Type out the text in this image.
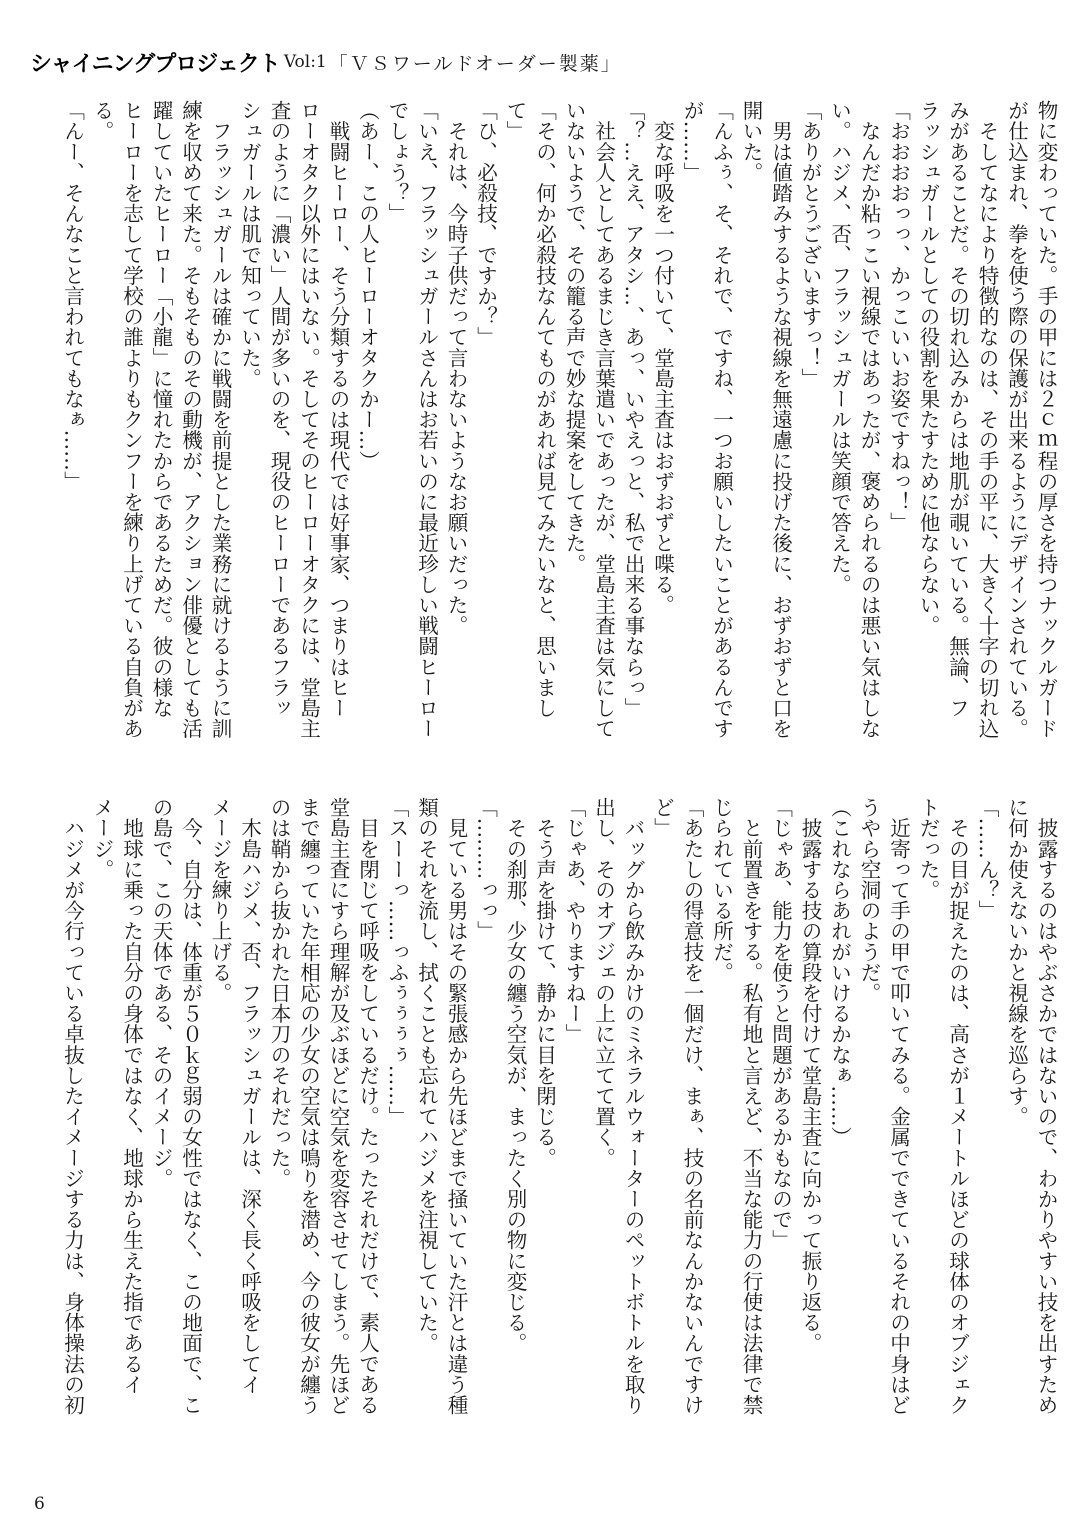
シャイニングプロジェクト Vol:1 「ＶＳワールドオーダー製薬」
物に変わっていた。手の甲には２ｃｍ程の厚さを持つナックルガード
が仕込まれ、拳を使う際の保護が出来るようにデザインされている。
　そしてなにより特徴的なのは、その手の平に、大きく十字の切れ込
みがあることだ。その切れ込みからは地肌が覗いている。無論、フ
ラッシュガールとしての役割を果たすために他ならない。
「おおおおっっ、かっこいいお姿ですねっ！」
　なんだか粘っこい視線ではあったが、褒められるのは悪い気はしな
い。ハジメ、否、フラッシュガールは笑顔で答えた。
「ありがとうございますっ！」
　男は値踏みするような視線を無遠慮に投げた後に、おずおずと口を
開いた。
「んふぅ、そ、それで、ですね、一つお願いしたいことがあるんです
が……」
　変な呼吸を一つ付いて、堂島主査はおずおずと喋る。
「？…ええ、アタシ…、あっ、いやえっと、私で出来る事ならっ」
　社会人としてあるまじき言葉遣いであったが、堂島主査は気にして
いないようで、その籠る声で妙な提案をしてきた。
「その、何か必殺技なんてものがあれば見てみたいなと、思いまし
て」
「ひ、必殺技、ですか？」
　それは、今時子供だって言わないようなお願いだった。
「いえ、フラッシュガールさんはお若いのに最近珍しい戦闘ヒーロー
でしょう？」
（あー、この人ヒーローオタクかー…）
　戦闘ヒーロー、そう分類するのは現代では好事家、つまりはヒー
ローオタク以外にはいない。そしてそのヒーローオタクには、堂島主
査のように「濃い」人間が多いのを、現役のヒーローであるフラッ
シュガールは肌で知っていた。
　フラッシュガールは確かに戦闘を前提とした業務に就けるように訓
練を収めて来た。そもそものその動機が、アクション俳優としても活
躍していたヒーロー「小龍」に憧れたからであるためだ。彼の様な
ヒーローを志して学校の誰よりもクンフーを練り上げている自負があ
る。
「んー、そんなこと言われてもなぁ……」
　披露するのはやぶさかではないので、わかりやすい技を出すため
に何か使えないかと視線を巡らす。
「……ん？」
　その目が捉えたのは、高さが１メートルほどの球体のオブジェク
トだった。
　近寄って手の甲で叩いてみる。金属でできているそれの中身はど
うやら空洞のようだ。
（これならあれがいけるかなぁ……）
　披露する技の算段を付けて堂島主査に向かって振り返る。
「じゃあ、能力を使うと問題があるかもなので」
　と前置きをする。私有地と言えど、不当な能力の行使は法律で禁
じられている所だ。
「あたしの得意技を一個だけ、まぁ、技の名前なんかないんですけ
ど」
　バッグから飲みかけのミネラルウォーターのペットボトルを取り
出し、そのオブジェの上に立てて置く。
「じゃあ、やりますねー」
　そう声を掛けて、静かに目を閉じる。
　その刹那、少女の纏う空気が、まったく別の物に変じる。
「………っっ」
　見ている男はその緊張感から先ほどまで掻いていた汗とは違う種
類のそれを流し、拭くことも忘れてハジメを注視していた。
「スーーっ……っふぅぅぅぅ……」
　目を閉じて呼吸をしているだけ。たったそれだけで、素人である
堂島主査にすら理解が及ぶほどに空気を変容させてしまう。先ほど
まで纏っていた年相応の少女の空気は鳴りを潜め、今の彼女が纏う
のは鞘から抜かれた日本刀のそれだった。
　木島ハジメ、否、フラッシュガールは、深く長く呼吸をしてイ
メージを練り上げる。
　今、自分は、体重が５０ｋｇ弱の女性ではなく、この地面で、こ
の島で、この天体である、そのイメージ。
　地球に乗った自分の身体ではなく、地球から生えた指であるイ
メージ。
　ハジメが今行っている卓抜したイメージする力は、身体操法の初
6
